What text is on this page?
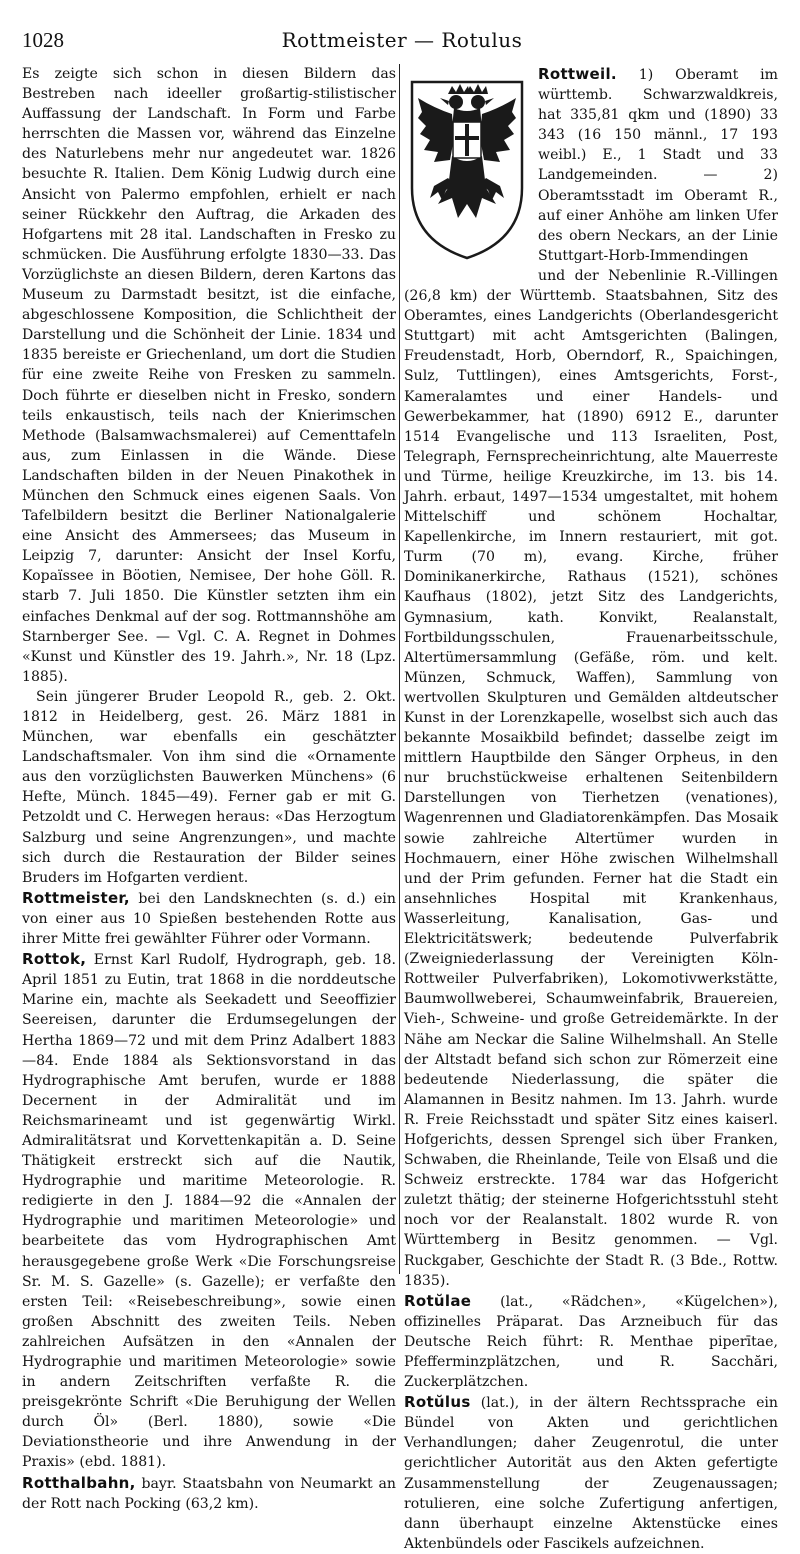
1028	Rottmeister — Rotulus

Es zeigte sich schon in diesen Bildern das Bestreben nach ideeller großartig-stilistischer Auffassung der Landschaft. In Form und Farbe herrschten die Massen vor, während das Einzelne des Naturlebens mehr nur angedeutet war. 1826 besuchte R. Italien. Dem König Ludwig durch eine Ansicht von Palermo empfohlen, erhielt er nach seiner Rückkehr den Auftrag, die Arkaden des Hofgartens mit 28 ital. Landschaften in Fresko zu schmücken. Die Ausführung erfolgte 1830—33. Das Vorzüglichste an diesen Bildern, deren Kartons das Museum zu Darmstadt besitzt, ist die einfache, abgeschlossene Komposition, die Schlichtheit der Darstellung und die Schönheit der Linie. 1834 und 1835 bereiste er Griechenland, um dort die Studien für eine zweite Reihe von Fresken zu sammeln. Doch führte er dieselben nicht in Fresko, sondern teils enkaustisch, teils nach der Knierimschen Methode (Balsamwachsmalerei) auf Cementtafeln aus, zum Einlassen in die Wände. Diese Landschaften bilden in der Neuen Pinakothek in München den Schmuck eines eigenen Saals. Von Tafelbildern besitzt die Berliner Nationalgalerie eine Ansicht des Ammersees; das Museum in Leipzig 7, darunter: Ansicht der Insel Korfu, Kopaïssee in Böotien, Nemisee, Der hohe Göll. R. starb 7. Juli 1850. Die Künstler setzten ihm ein einfaches Denkmal auf der sog. Rottmannshöhe am Starnberger See. — Vgl. C. A. Regnet in Dohmes «Kunst und Künstler des 19. Jahrh.», Nr. 18 (Lpz. 1885).

Sein jüngerer Bruder Leopold R., geb. 2. Okt. 1812 in Heidelberg, gest. 26. März 1881 in München, war ebenfalls ein geschätzter Landschaftsmaler. Von ihm sind die «Ornamente aus den vorzüglichsten Bauwerken Münchens» (6 Hefte, Münch. 1845—49). Ferner gab er mit G. Petzoldt und C. Herwegen heraus: «Das Herzogtum Salzburg und seine Angrenzungen», und machte sich durch die Restauration der Bilder seines Bruders im Hofgarten verdient.

Rottmeister, bei den Landsknechten (s. d.) ein von einer aus 10 Spießen bestehenden Rotte aus ihrer Mitte frei gewählter Führer oder Vormann.

Rottok, Ernst Karl Rudolf, Hydrograph, geb. 18. April 1851 zu Eutin, trat 1868 in die norddeutsche Marine ein, machte als Seekadett und Seeoffizier Seereisen, darunter die Erdumsegelungen der Hertha 1869—72 und mit dem Prinz Adalbert 1883—84. Ende 1884 als Sektionsvorstand in das Hydrographische Amt berufen, wurde er 1888 Decernent in der Admiralität und im Reichsmarineamt und ist gegenwärtig Wirkl. Admiralitätsrat und Korvettenkapitän a. D. Seine Thätigkeit erstreckt sich auf die Nautik, Hydrographie und maritime Meteorologie. R. redigierte in den J. 1884—92 die «Annalen der Hydrographie und maritimen Meteorologie» und bearbeitete das vom Hydrographischen Amt herausgegebene große Werk «Die Forschungsreise Sr. M. S. Gazelle» (s. Gazelle); er verfaßte den ersten Teil: «Reisebeschreibung», sowie einen großen Abschnitt des zweiten Teils. Neben zahlreichen Aufsätzen in den «Annalen der Hydrographie und maritimen Meteorologie» sowie in andern Zeitschriften verfaßte R. die preisgekrönte Schrift «Die Beruhigung der Wellen durch Öl» (Berl. 1880), sowie «Die Deviationstheorie und ihre Anwendung in der Praxis» (ebd. 1881).

Rotthalbahn, bayr. Staatsbahn von Neumarkt an der Rott nach Pocking (63,2 km).

Rottweil.
1) Oberamt im württemb. Schwarzwaldkreis, hat 335,81 qkm und (1890) 33 343 (16 150 männl., 17 193 weibl.) E., 1 Stadt und 33 Landgemeinden. — 2) Oberamtsstadt im Oberamt R., auf einer Anhöhe am linken Ufer des obern Neckars, an der Linie Stuttgart-Horb-Immendingen und der Nebenlinie R.-Villingen (26,8 km) der Württemb. Staatsbahnen, Sitz des Oberamtes, eines Landgerichts (Oberlandesgericht Stuttgart) mit acht Amtsgerichten (Balingen, Freudenstadt, Horb, Oberndorf, R., Spaichingen, Sulz, Tuttlingen), eines Amtsgerichts, Forst-, Kameralamtes und einer Handels- und Gewerbekammer, hat (1890) 6912 E., darunter 1514 Evangelische und 113 Israeliten, Post, Telegraph, Fernsprecheinrichtung, alte Mauerreste und Türme, heilige Kreuzkirche, im 13. bis 14. Jahrh. erbaut, 1497—1534 umgestaltet, mit hohem Mittelschiff und schönem Hochaltar, Kapellenkirche, im Innern restauriert, mit got. Turm (70 m), evang. Kirche, früher Dominikanerkirche, Rathaus (1521), schönes Kaufhaus (1802), jetzt Sitz des Landgerichts, Gymnasium, kath. Konvikt, Realanstalt, Fortbildungsschulen, Frauenarbeitsschule, Altertümersammlung (Gefäße, röm. und kelt. Münzen, Schmuck, Waffen), Sammlung von wertvollen Skulpturen und Gemälden altdeutscher Kunst in der Lorenzkapelle, woselbst sich auch das bekannte Mosaikbild befindet; dasselbe zeigt im mittlern Hauptbilde den Sänger Orpheus, in den nur bruchstückweise erhaltenen Seitenbildern Darstellungen von Tierhetzen (venationes), Wagenrennen und Gladiatorenkämpfen. Das Mosaik sowie zahlreiche Altertümer wurden in Hochmauern, einer Höhe zwischen Wilhelmshall und der Prim gefunden. Ferner hat die Stadt ein ansehnliches Hospital mit Krankenhaus, Wasserleitung, Kanalisation, Gas- und Elektricitätswerk; bedeutende Pulverfabrik (Zweigniederlassung der Vereinigten Köln-Rottweiler Pulverfabriken), Lokomotivwerkstätte, Baumwollweberei, Schaumweinfabrik, Brauereien, Vieh-, Schweine- und große Getreidemärkte. In der Nähe am Neckar die Saline Wilhelmshall. An Stelle der Altstadt befand sich schon zur Römerzeit eine bedeutende Niederlassung, die später die Alamannen in Besitz nahmen. Im 13. Jahrh. wurde R. Freie Reichsstadt und später Sitz eines kaiserl. Hofgerichts, dessen Sprengel sich über Franken, Schwaben, die Rheinlande, Teile von Elsaß und die Schweiz erstreckte. 1784 war das Hofgericht zuletzt thätig; der steinerne Hofgerichtsstuhl steht noch vor der Realanstalt. 1802 wurde R. von Württemberg in Besitz genommen. — Vgl. Ruckgaber, Geschichte der Stadt R. (3 Bde., Rottw. 1835).

Rotŭlae (lat., «Rädchen», «Kügelchen»), offizinelles Präparat. Das Arzneibuch für das Deutsche Reich führt: R. Menthae piperītae, Pfefferminzplätzchen, und R. Sacchări, Zuckerplätzchen.

Rotŭlus (lat.), in der ältern Rechtssprache ein Bündel von Akten und gerichtlichen Verhandlungen; daher Zeugenrotul, die unter gerichtlicher Autorität aus den Akten gefertigte Zusammenstellung der Zeugenaussagen; rotulieren, eine solche Zufertigung anfertigen, dann überhaupt einzelne Aktenstücke eines Aktenbündels oder Fascikels aufzeichnen.
